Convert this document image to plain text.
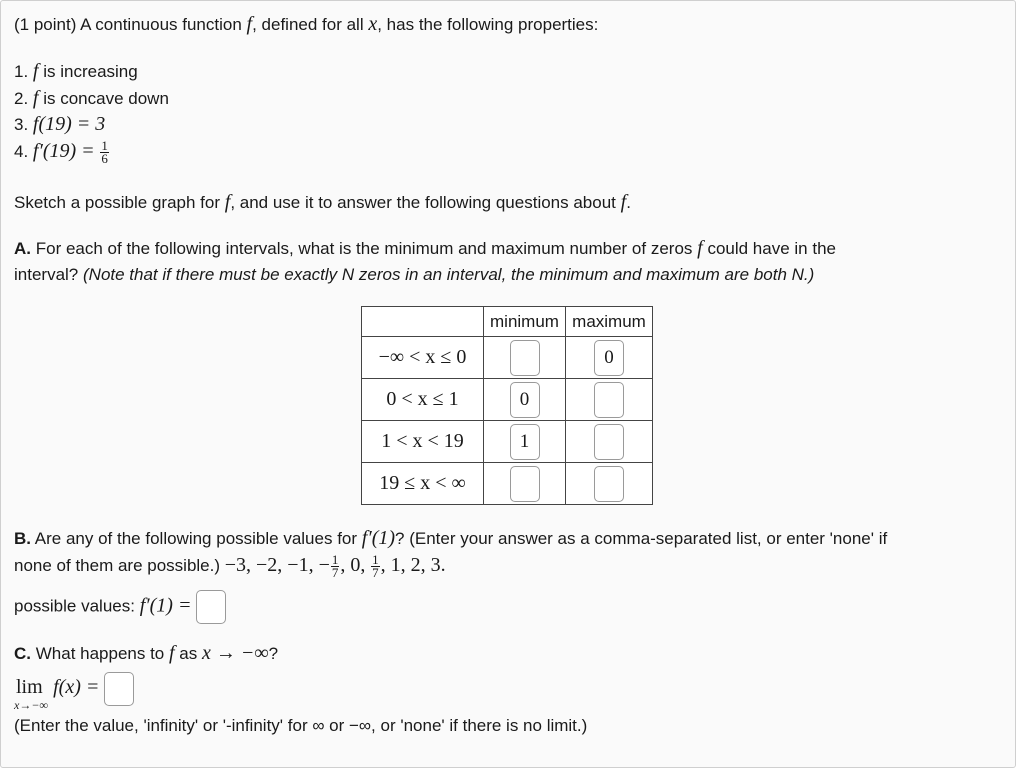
(1 point) A continuous function f, defined for all x, has the following properties:
1. f is increasing
2. f is concave down
3. f(19) = 3
4. $f'(19) = \frac{1}{6}$
Sketch a possible graph for f, and use it to answer the following questions about f.
A. For each of the following intervals, what is the minimum and maximum number of zeros f could have in the
interval? (Note that if there must be exactly N zeros in an interval, the minimum and maximum are both N.)
	minimum	maximum
−∞ < x ≤ 0		0
0 < x ≤ 1	0	
1 < x < 19	1	
19 ≤ x < ∞		
B. Are any of the following possible values for f′(1)? (Enter your answer as a comma-separated list, or enter 'none' if
none of them are possible.) −3, −2, −1, − $\frac{1}{7}$ , 0, $\frac{1}{7}$ , 1, 2, 3.
possible values: f′(1) =
C. What happens to f as x → −∞?
lim f(x) =
x→−∞
(Enter the value, 'infinity' or '-infinity' for ∞ or −∞, or 'none' if there is no limit.)
